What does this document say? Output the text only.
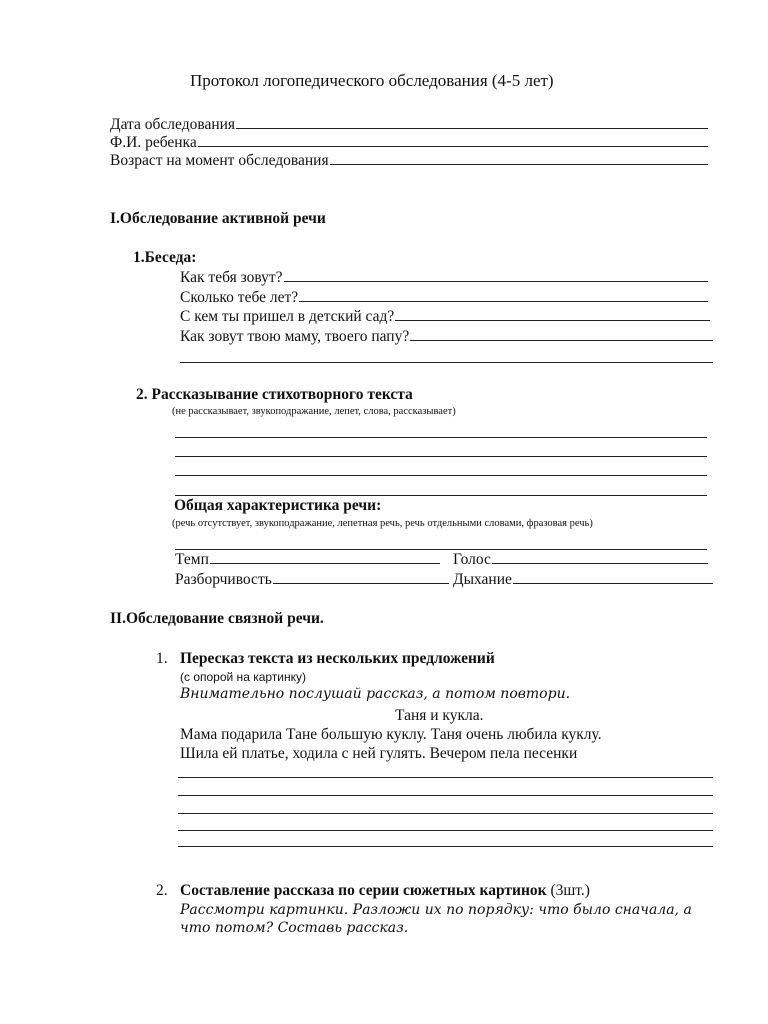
Протокол логопедического обследования (4-5 лет)
Дата обследования
Ф.И. ребенка
Возраст на момент обследования
I.Обследование активной речи
1.Беседа:
Как тебя зовут?
Сколько тебе лет?
С кем ты пришел в детский сад?
Как зовут твою маму, твоего папу?
2. Рассказывание стихотворного текста
(не рассказывает, звукоподражание, лепет, слова, рассказывает)
Общая характеристика речи:
(речь отсутствует, звукоподражание, лепетная речь, речь отдельными словами, фразовая речь)
Темп	Голос
Разборчивость	Дыхание
II.Обследование связной речи.
1. Пересказ текста из нескольких предложений
(с опорой на картинку)
Внимательно послушай рассказ, а потом повтори.
Таня и кукла.
Мама подарила Тане большую куклу. Таня очень любила куклу.
Шила ей платье, ходила с ней гулять. Вечером пела песенки
2. Составление рассказа по серии сюжетных картинок (3шт.)
Рассмотри картинки. Разложи их по порядку: что было сначала, а
что потом? Составь рассказ.
